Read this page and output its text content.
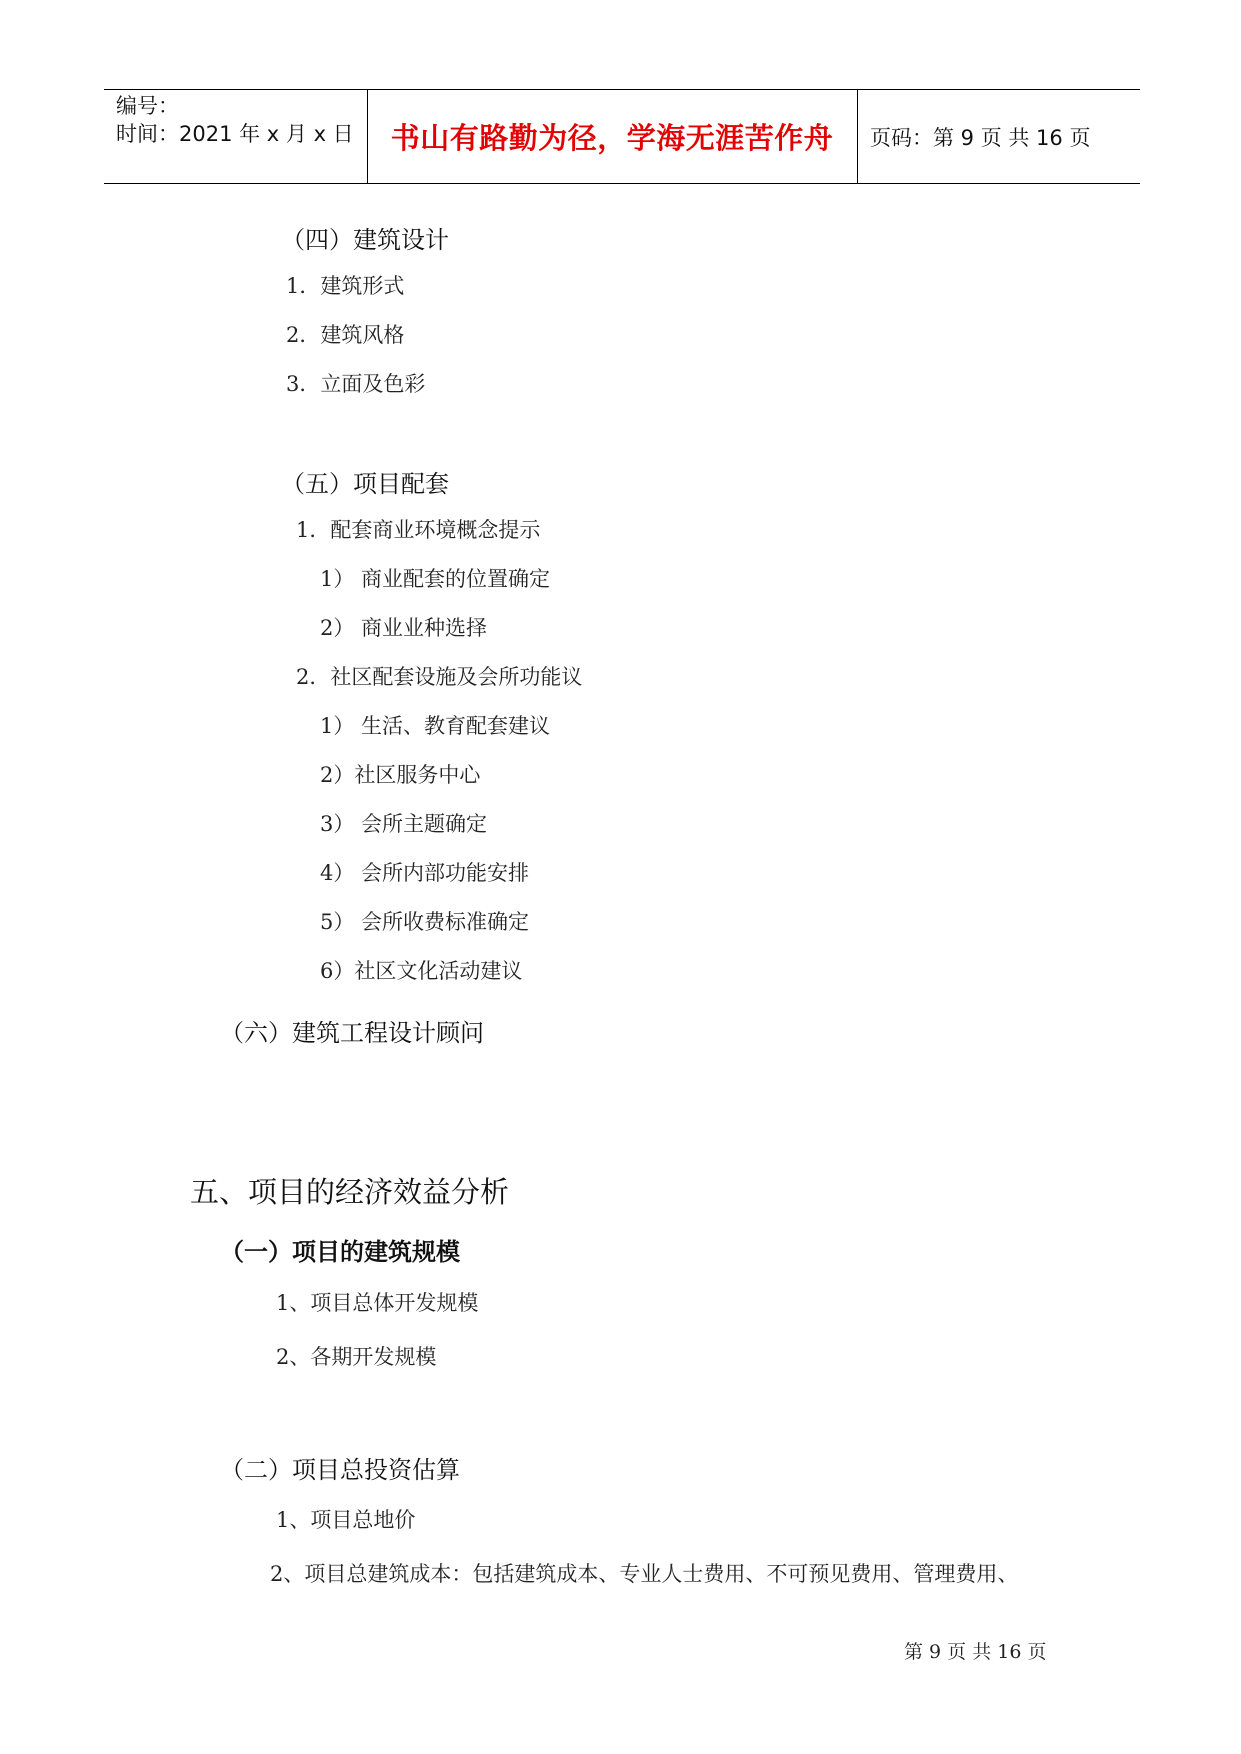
编号：
时间：2021 年 x 月 x 日	书山有路勤为径，学海无涯苦作舟	页码：第 9 页 共 16 页
（四）建筑设计
1．建筑形式
2．建筑风格
3．立面及色彩
（五）项目配套
1．配套商业环境概念提示
1） 商业配套的位置确定
2） 商业业种选择
2．社区配套设施及会所功能议
1） 生活、教育配套建议
2）社区服务中心
3） 会所主题确定
4） 会所内部功能安排
5） 会所收费标准确定
6）社区文化活动建议
（六）建筑工程设计顾问
五、项目的经济效益分析
（一）项目的建筑规模
1、项目总体开发规模
2、各期开发规模
（二）项目总投资估算
1、项目总地价
2、项目总建筑成本：包括建筑成本、专业人士费用、不可预见费用、管理费用、
第 9 页 共 16 页
